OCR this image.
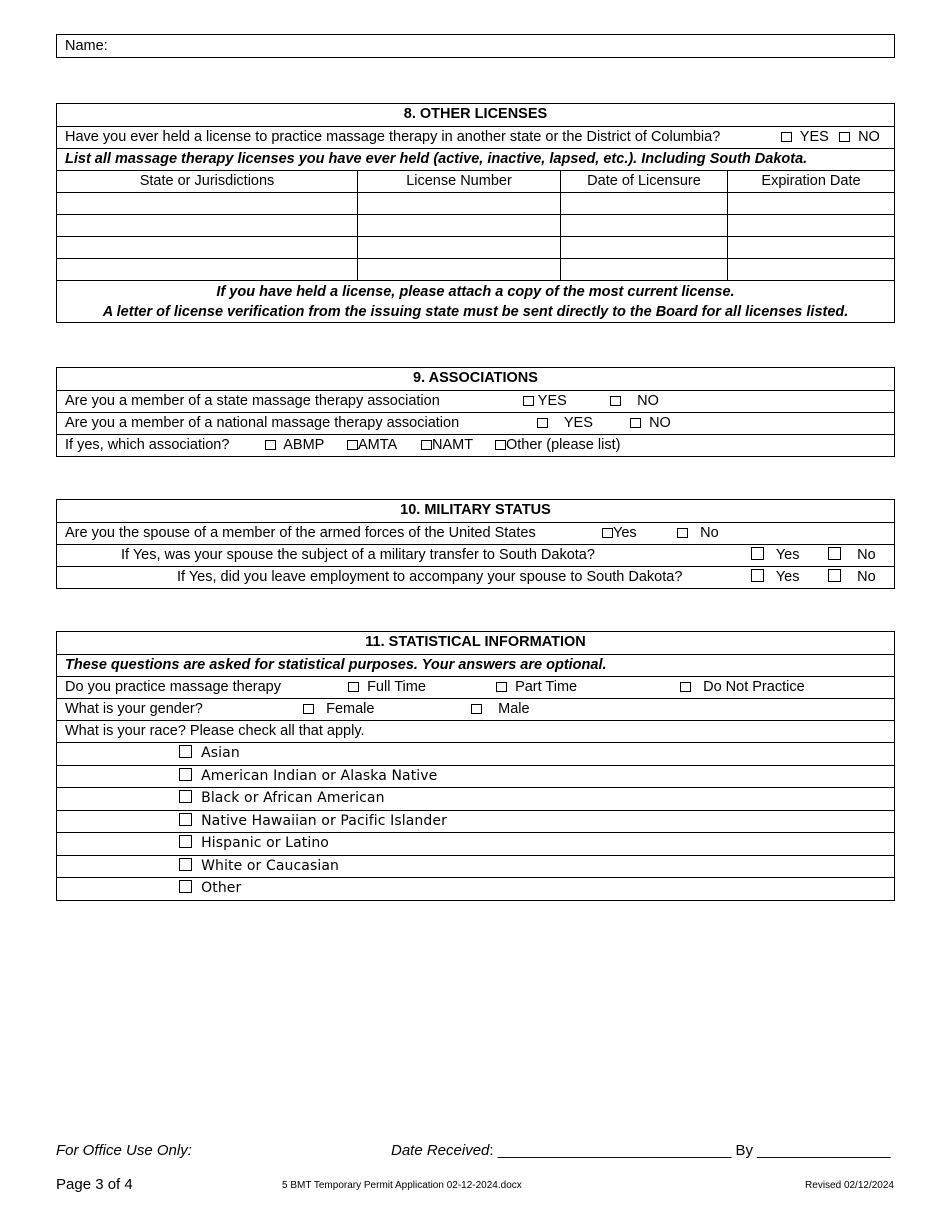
Name:
8. OTHER LICENSES
Have you ever held a license to practice massage therapy in another state or the District of Columbia?	YES	NO
List all massage therapy licenses you have ever held (active, inactive, lapsed, etc.). Including South Dakota.
State or Jurisdictions	License Number	Date of Licensure	Expiration Date
If you have held a license, please attach a copy of the most current license.
A letter of license verification from the issuing state must be sent directly to the Board for all licenses listed.
9. ASSOCIATIONS
Are you a member of a state massage therapy association	YES	NO
Are you a member of a national massage therapy association	YES	NO
If yes, which association?	ABMP	AMTA	NAMT	Other (please list)
10. MILITARY STATUS
Are you the spouse of a member of the armed forces of the United States	Yes	No
If Yes, was your spouse the subject of a military transfer to South Dakota?	Yes	No
If Yes, did you leave employment to accompany your spouse to South Dakota?	Yes	No
11. STATISTICAL INFORMATION
These questions are asked for statistical purposes. Your answers are optional.
Do you practice massage therapy	Full Time	Part Time	Do Not Practice
What is your gender?	Female	Male
What is your race? Please check all that apply.
Asian
American Indian or Alaska Native
Black or African American
Native Hawaiian or Pacific Islander
Hispanic or Latino
White or Caucasian
Other
For Office Use Only:	Date Received: ____________________________ By ________________
Page 3 of 4	5 BMT Temporary Permit Application 02-12-2024.docx	Revised 02/12/2024
